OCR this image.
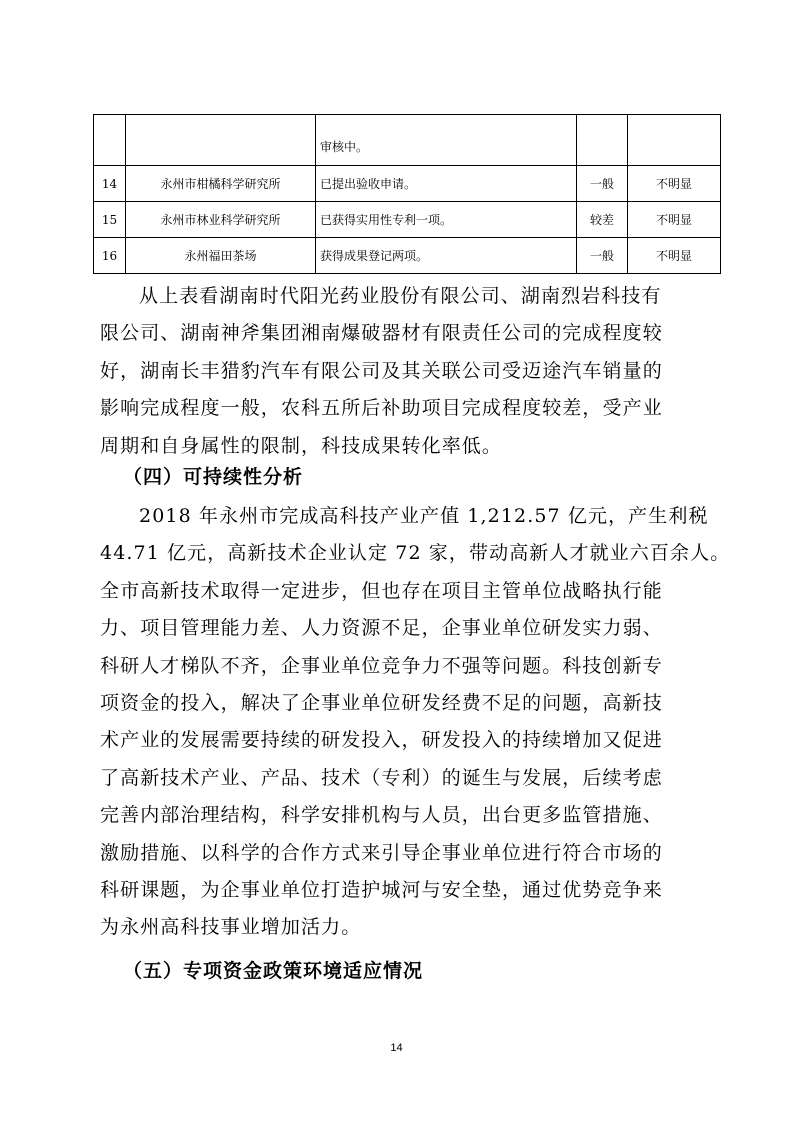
		审核中。		
14	永州市柑橘科学研究所	已提出验收申请。	一般	不明显
15	永州市林业科学研究所	已获得实用性专利一项。	较差	不明显
16	永州福田茶场	获得成果登记两项。	一般	不明显
从上表看湖南时代阳光药业股份有限公司、湖南烈岩科技有
限公司、湖南神斧集团湘南爆破器材有限责任公司的完成程度较
好，湖南长丰猎豹汽车有限公司及其关联公司受迈途汽车销量的
影响完成程度一般，农科五所后补助项目完成程度较差，受产业
周期和自身属性的限制，科技成果转化率低。
（四）可持续性分析
2018 年永州市完成高科技产业产值 1,212.57 亿元，产生利税
44.71 亿元，高新技术企业认定 72 家，带动高新人才就业六百余人。
全市高新技术取得一定进步，但也存在项目主管单位战略执行能
力、项目管理能力差、人力资源不足，企事业单位研发实力弱、
科研人才梯队不齐，企事业单位竞争力不强等问题。科技创新专
项资金的投入，解决了企事业单位研发经费不足的问题，高新技
术产业的发展需要持续的研发投入，研发投入的持续增加又促进
了高新技术产业、产品、技术（专利）的诞生与发展，后续考虑
完善内部治理结构，科学安排机构与人员，出台更多监管措施、
激励措施、以科学的合作方式来引导企事业单位进行符合市场的
科研课题，为企事业单位打造护城河与安全垫，通过优势竞争来
为永州高科技事业增加活力。
（五）专项资金政策环境适应情况
14
